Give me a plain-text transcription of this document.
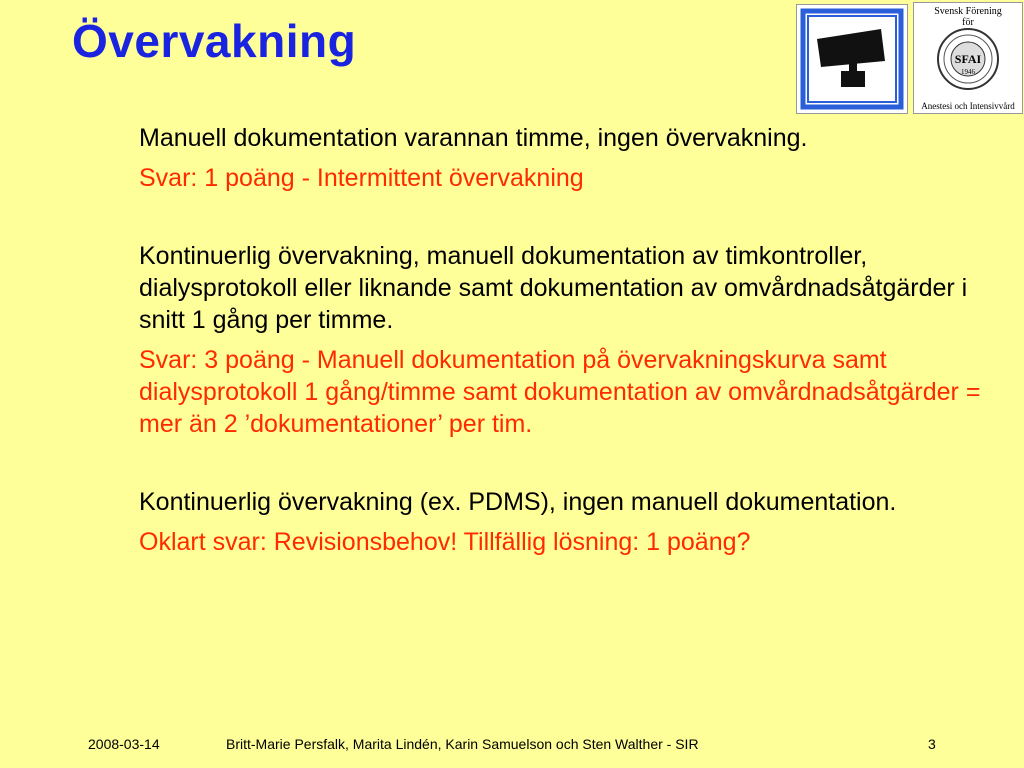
Övervakning
Svensk Förening
för
SFAI
1946
Anestesi och Intensivvård

Manuell dokumentation varannan timme, ingen övervakning.

Svar: 1 poäng - Intermittent övervakning

Kontinuerlig övervakning, manuell dokumentation av timkontroller, dialysprotokoll eller liknande samt dokumentation av omvårdnadsåtgärder i snitt 1 gång per timme.

Svar: 3 poäng - Manuell dokumentation på övervakningskurva samt dialysprotokoll 1 gång/timme samt dokumentation av omvårdnadsåtgärder = mer än 2 ’dokumentationer’ per tim.

Kontinuerlig övervakning (ex. PDMS), ingen manuell dokumentation.

Oklart svar: Revisionsbehov! Tillfällig lösning: 1 poäng?

2008-03-14	Britt-Marie Persfalk, Marita Lindén, Karin Samuelson och Sten Walther - SIR	3
